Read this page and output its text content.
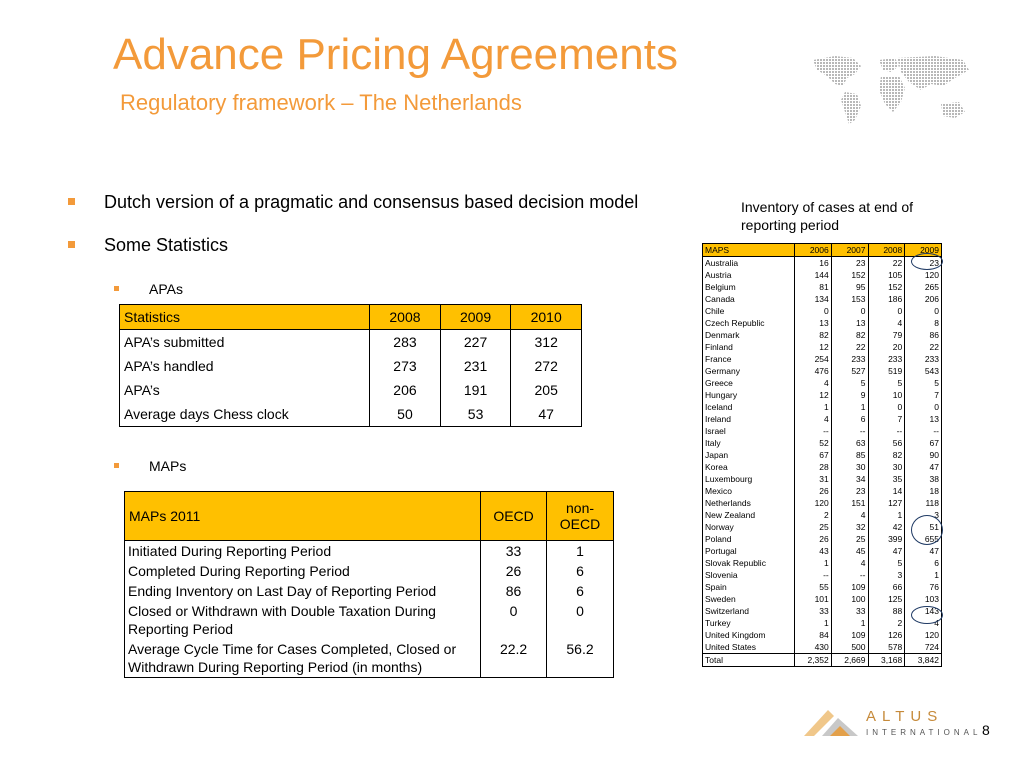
Advance Pricing Agreements
Regulatory framework – The Netherlands
Dutch version of a pragmatic and consensus based decision model
Some Statistics
APAs
MAPs
Statistics	2008	2009	2010
APA’s submitted	283	227	312
APA’s handled	273	231	272
APA’s	206	191	205
Average days Chess clock	50	53	47
MAPs 2011	OECD	non-OECD
Initiated During Reporting Period	33	1
Completed During Reporting Period	26	6
Ending Inventory on Last Day of Reporting Period	86	6
Closed or Withdrawn with Double Taxation During Reporting Period	0	0
Average Cycle Time for Cases Completed, Closed or Withdrawn During Reporting Period (in months)	22.2	56.2
Inventory of cases at end of reporting period
MAPS	2006	2007	2008	2009
Australia	16	23	22	23
Austria	144	152	105	120
Belgium	81	95	152	265
Canada	134	153	186	206
Chile	0	0	0	0
Czech Republic	13	13	4	8
Denmark	82	82	79	86
Finland	12	22	20	22
France	254	233	233	233
Germany	476	527	519	543
Greece	4	5	5	5
Hungary	12	9	10	7
Iceland	1	1	0	0
Ireland	4	6	7	13
Israel	--	--	--	--
Italy	52	63	56	67
Japan	67	85	82	90
Korea	28	30	30	47
Luxembourg	31	34	35	38
Mexico	26	23	14	18
Netherlands	120	151	127	118
New Zealand	2	4	1	3
Norway	25	32	42	51
Poland	26	25	399	655
Portugal	43	45	47	47
Slovak Republic	1	4	5	6
Slovenia	--	--	3	1
Spain	55	109	66	76
Sweden	101	100	125	103
Switzerland	33	33	88	143
Turkey	1	1	2	4
United Kingdom	84	109	126	120
United States	430	500	578	724
Total	2,352	2,669	3,168	3,842
ALTUS
INTERNATIONAL 8
